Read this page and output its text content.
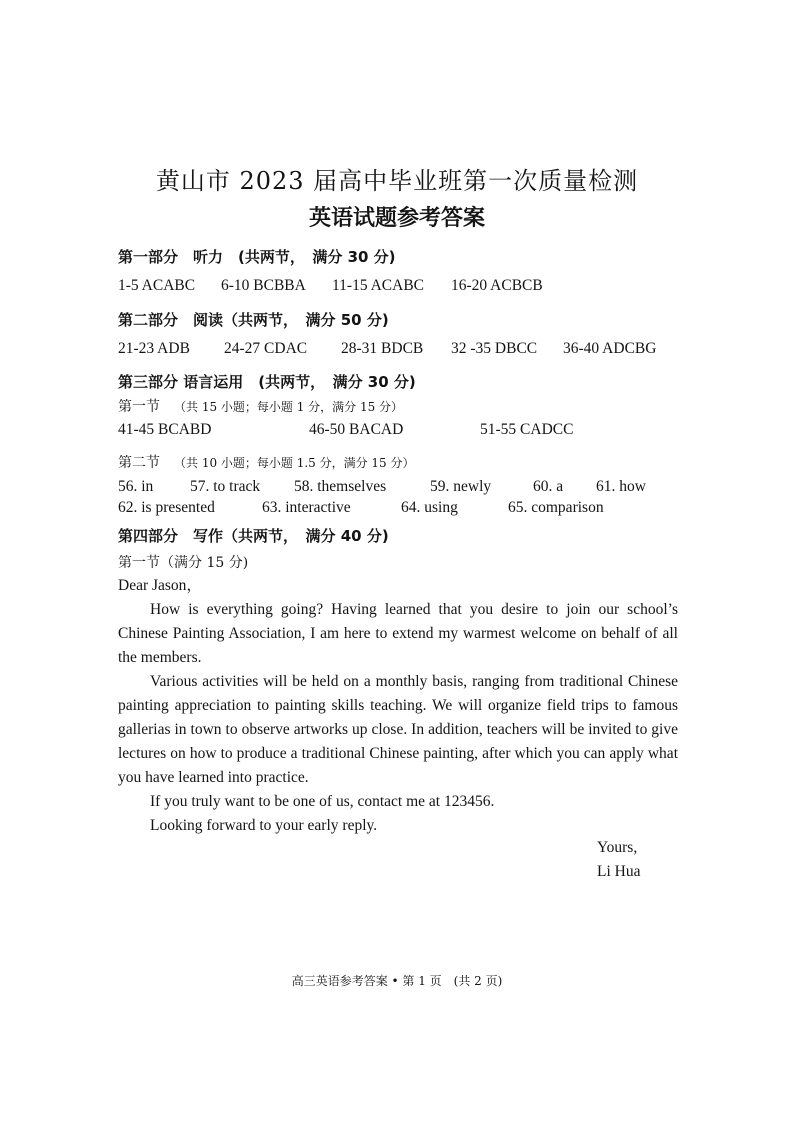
黄山市 2023 届高中毕业班第一次质量检测
英语试题参考答案
第一部分　听力　(共两节，　满分 30 分)
1-5 ACABC 6-10 BCBBA 11-15 ACABC 16-20 ACBCB
第二部分　阅读（共两节，　满分 50 分)
21-23 ADB 24-27 CDAC 28-31 BDCB 32 -35 DBCC 36-40 ADCBG
第三部分 语言运用　(共两节，　满分 30 分)
第一节 （共 15 小题；每小题 1 分，满分 15 分）
41-45 BCABD	46-50 BACAD	51-55 CADCC
第二节 （共 10 小题；每小题 1.5 分，满分 15 分）
56. in 57. to track 58. themselves	59. newly	60. a 61. how
62. is presented	63. interactive	64. using	65. comparison
第四部分　写作（共两节，　满分 40 分)
第一节（满分 15 分)

Dear Jason，

How is everything going? Having learned that you desire to join our school’s Chinese Painting Association, I am here to extend my warmest welcome on behalf of all the members.

Various activities will be held on a monthly basis, ranging from traditional Chinese painting appreciation to painting skills teaching. We will organize field trips to famous gallerias in town to observe artworks up close. In addition, teachers will be invited to give lectures on how to produce a traditional Chinese painting, after which you can apply what you have learned into practice.

If you truly want to be one of us, contact me at 123456.

Looking forward to your early reply.

Yours,
Li Hua
高三英语参考答案 • 第 1 页　(共 2 页)
